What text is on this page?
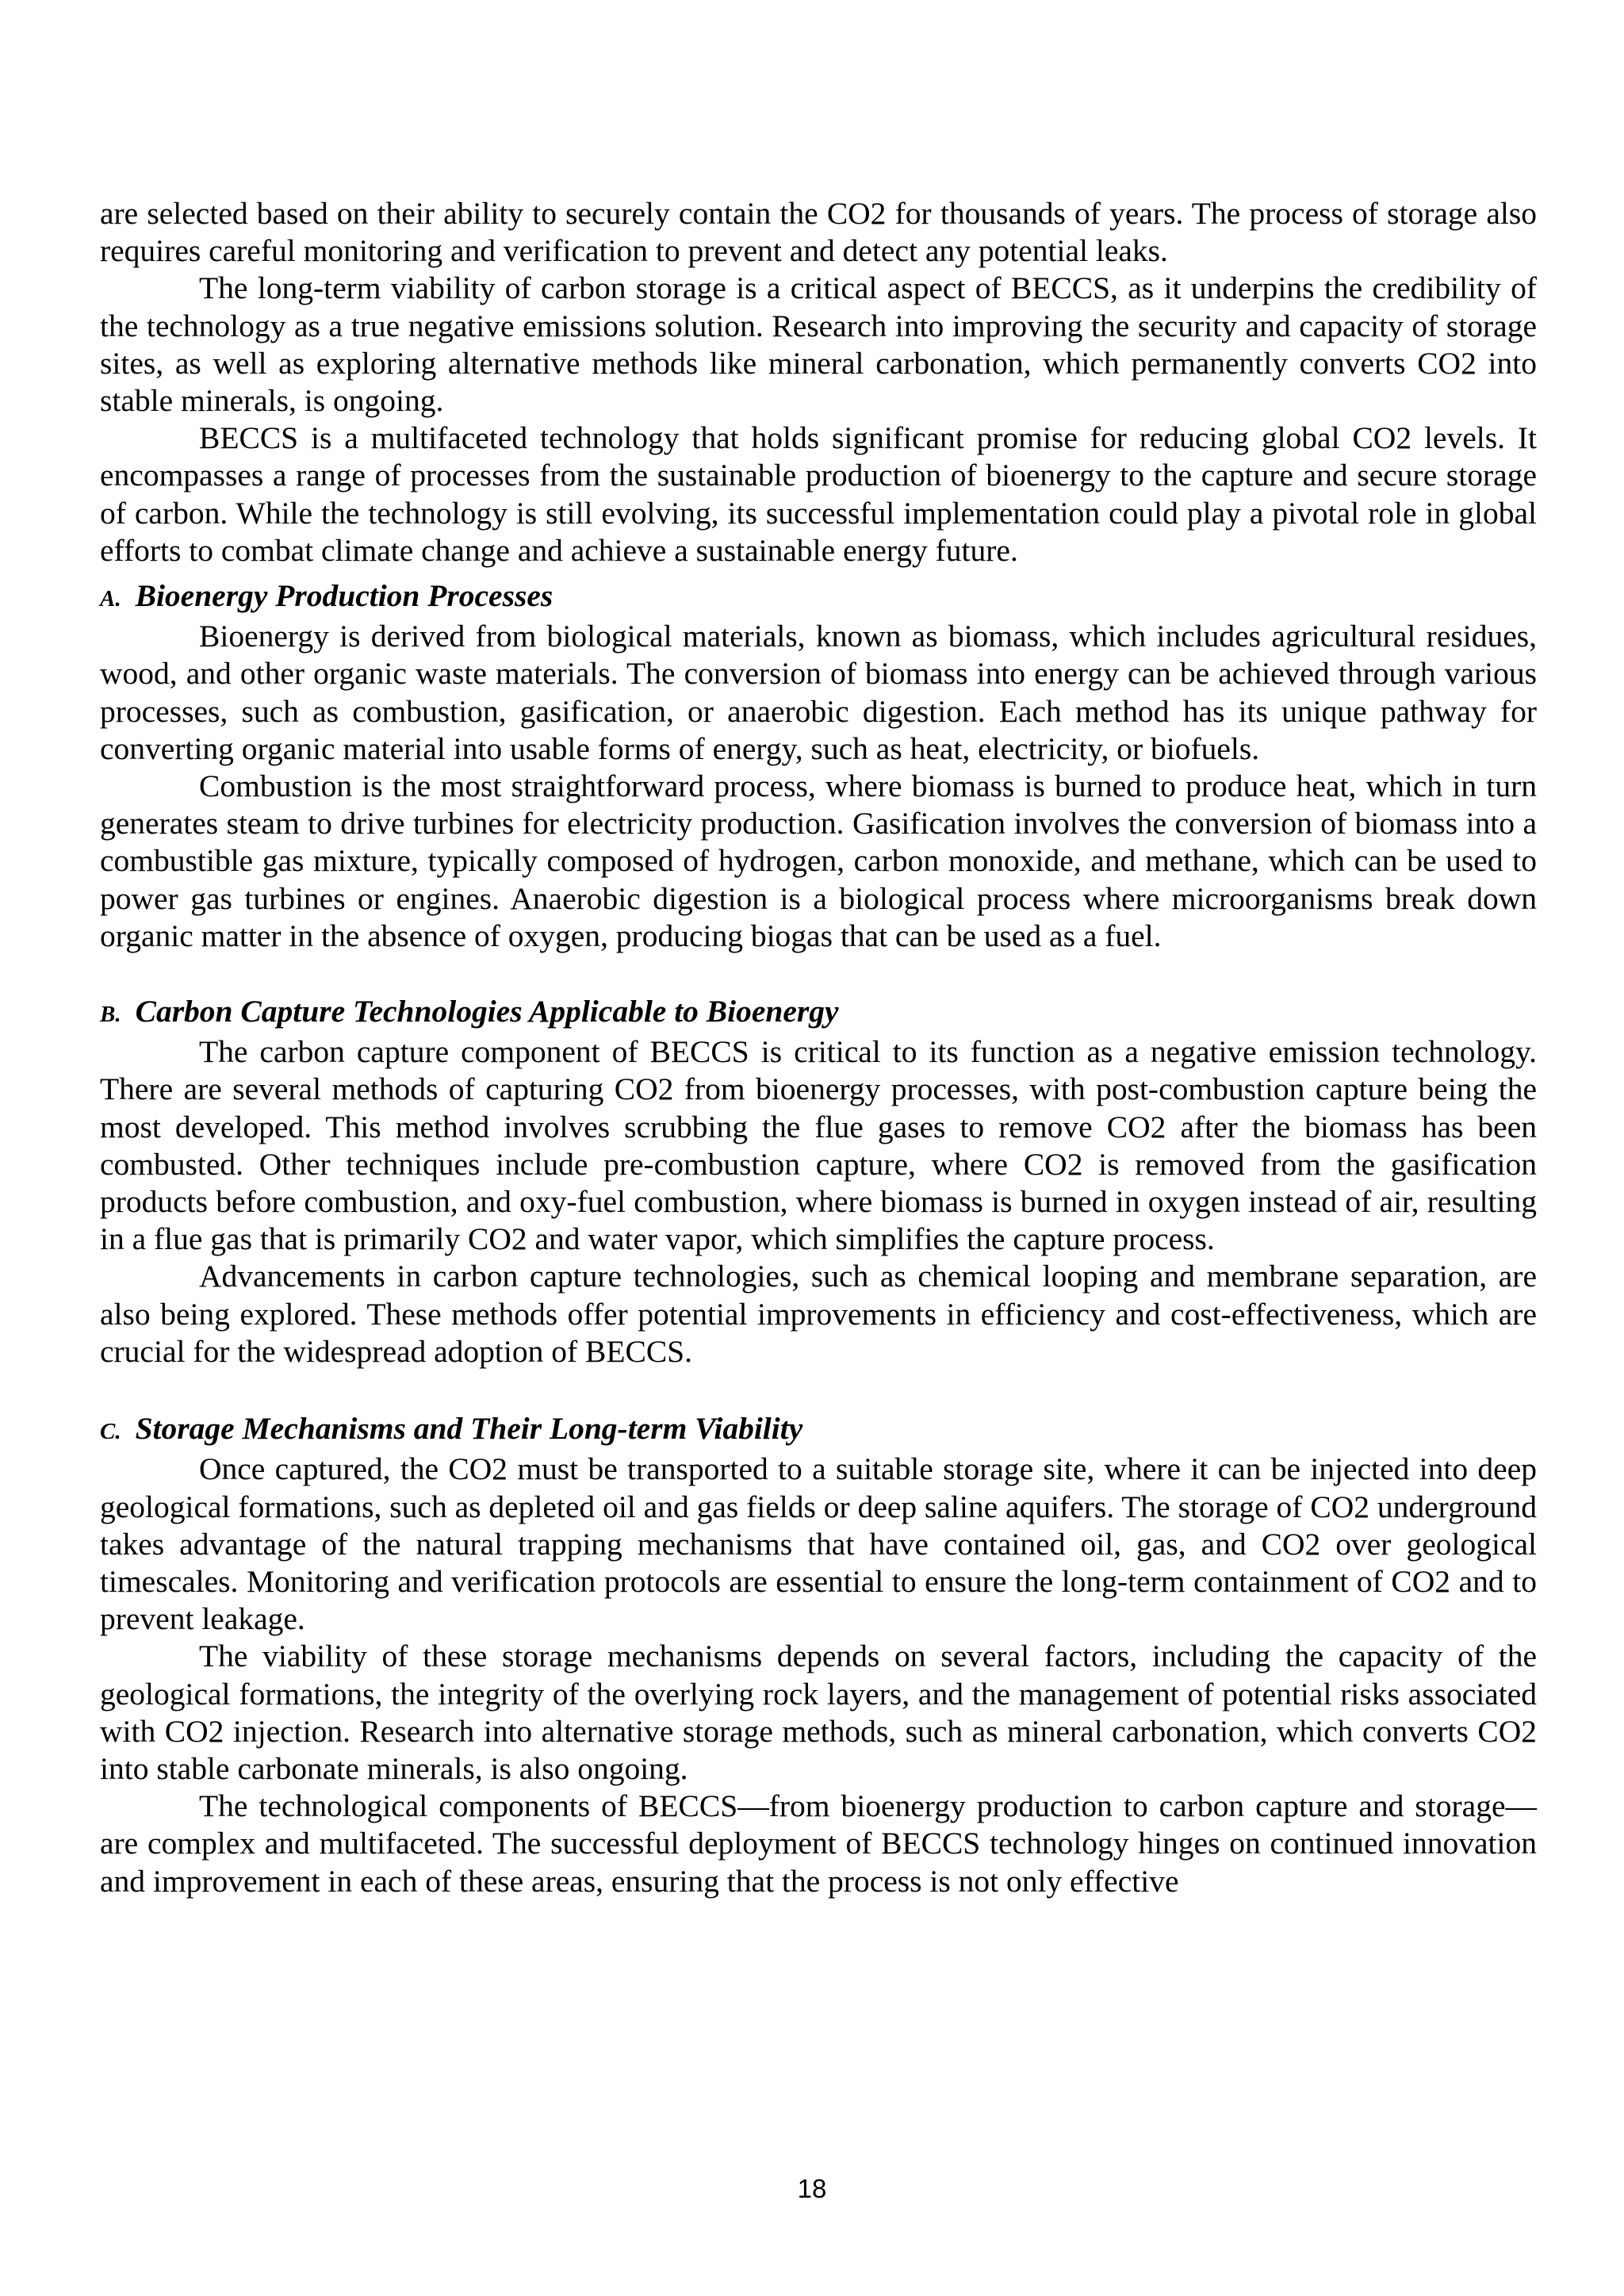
are selected based on their ability to securely contain the CO2 for thousands of years. The process of storage also requires careful monitoring and verification to prevent and detect any potential leaks.

The long-term viability of carbon storage is a critical aspect of BECCS, as it underpins the credibility of the technology as a true negative emissions solution. Research into improving the security and capacity of storage sites, as well as exploring alternative methods like mineral carbonation, which permanently converts CO2 into stable minerals, is ongoing.

BECCS is a multifaceted technology that holds significant promise for reducing global CO2 levels. It encompasses a range of processes from the sustainable production of bioenergy to the capture and secure storage of carbon. While the technology is still evolving, its successful implementation could play a pivotal role in global efforts to combat climate change and achieve a sustainable energy future.

A. Bioenergy Production Processes

Bioenergy is derived from biological materials, known as biomass, which includes agricultural residues, wood, and other organic waste materials. The conversion of biomass into energy can be achieved through various processes, such as combustion, gasification, or anaerobic digestion. Each method has its unique pathway for converting organic material into usable forms of energy, such as heat, electricity, or biofuels.

Combustion is the most straightforward process, where biomass is burned to produce heat, which in turn generates steam to drive turbines for electricity production. Gasification involves the conversion of biomass into a combustible gas mixture, typically composed of hydrogen, carbon monoxide, and methane, which can be used to power gas turbines or engines. Anaerobic digestion is a biological process where microorganisms break down organic matter in the absence of oxygen, producing biogas that can be used as a fuel.

B. Carbon Capture Technologies Applicable to Bioenergy

The carbon capture component of BECCS is critical to its function as a negative emission technology. There are several methods of capturing CO2 from bioenergy processes, with post-combustion capture being the most developed. This method involves scrubbing the flue gases to remove CO2 after the biomass has been combusted. Other techniques include pre-combustion capture, where CO2 is removed from the gasification products before combustion, and oxy-fuel combustion, where biomass is burned in oxygen instead of air, resulting in a flue gas that is primarily CO2 and water vapor, which simplifies the capture process.

Advancements in carbon capture technologies, such as chemical looping and membrane separation, are also being explored. These methods offer potential improvements in efficiency and cost-effectiveness, which are crucial for the widespread adoption of BECCS.

C. Storage Mechanisms and Their Long-term Viability

Once captured, the CO2 must be transported to a suitable storage site, where it can be injected into deep geological formations, such as depleted oil and gas fields or deep saline aquifers. The storage of CO2 underground takes advantage of the natural trapping mechanisms that have contained oil, gas, and CO2 over geological timescales. Monitoring and verification protocols are essential to ensure the long-term containment of CO2 and to prevent leakage.

The viability of these storage mechanisms depends on several factors, including the capacity of the geological formations, the integrity of the overlying rock layers, and the management of potential risks associated with CO2 injection. Research into alternative storage methods, such as mineral carbonation, which converts CO2 into stable carbonate minerals, is also ongoing.

The technological components of BECCS—from bioenergy production to carbon capture and storage—are complex and multifaceted. The successful deployment of BECCS technology hinges on continued innovation and improvement in each of these areas, ensuring that the process is not only effective

18
